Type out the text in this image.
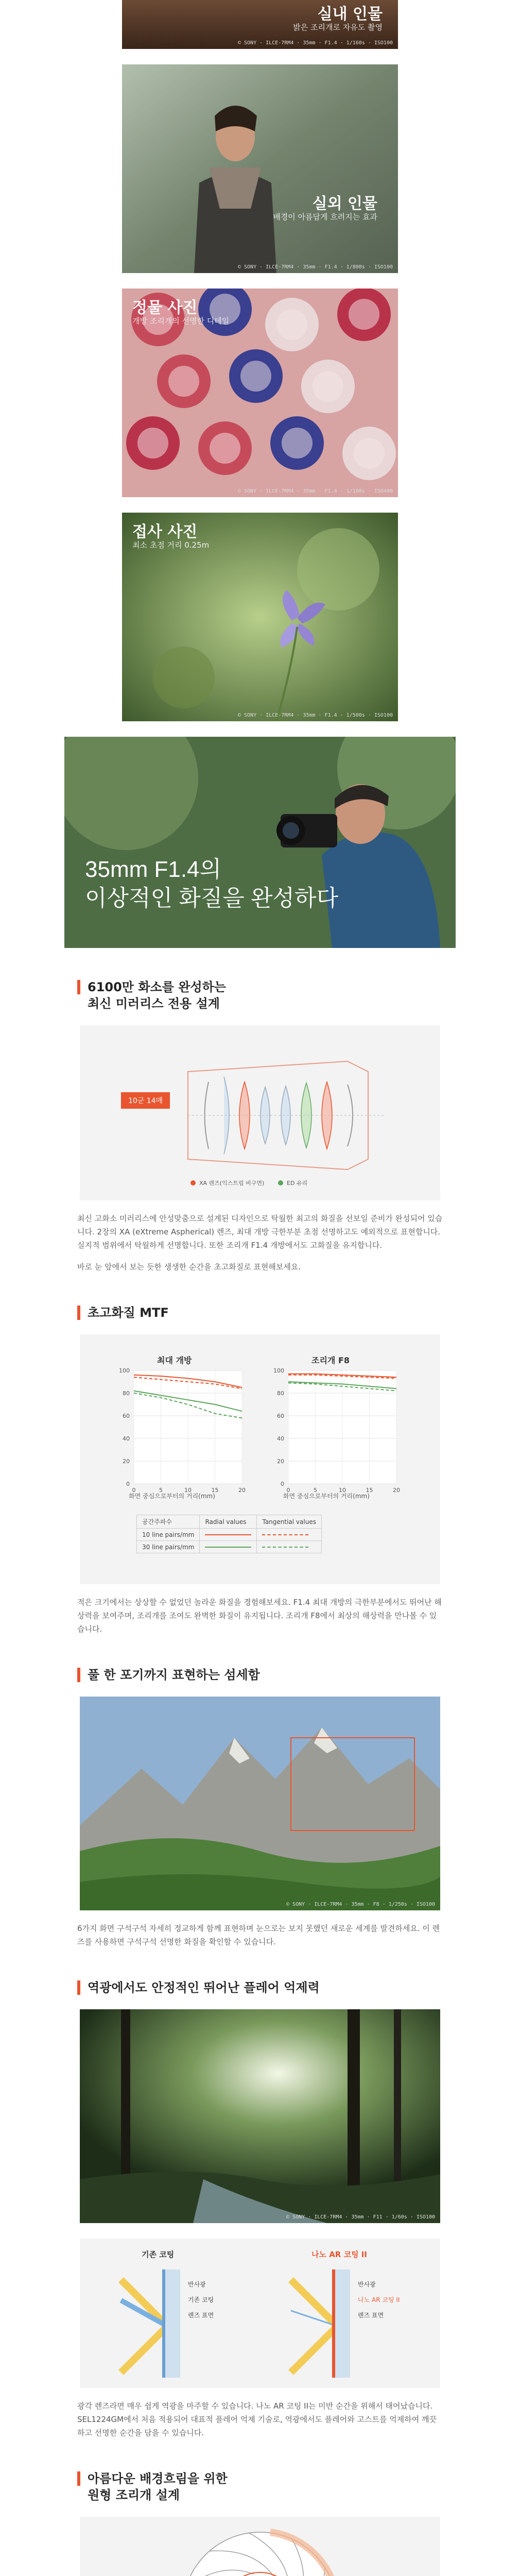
실내 인물
밝은 조리개로 자유도 촬영
© SONY · ILCE-7RM4 · 35mm · F1.4 · 1/160s · ISO100
실외 인물
배경이 아름답게 흐려지는 효과
© SONY · ILCE-7RM4 · 35mm · F1.4 · 1/800s · ISO100
정물 사진
개방 조리개의 선명한 디테일
© SONY · ILCE-7RM4 · 35mm · F1.4 · 1/100s · ISO400
접사 사진
최소 초점 거리 0.25m
© SONY · ILCE-7RM4 · 35mm · F1.4 · 1/500s · ISO100
35mm F1.4의
이상적인 화질을 완성하다
6100만 화소를 완성하는
최신 미러리스 전용 설계
10군 14매
XA 렌즈(익스트림 비구면)	ED 유리

최신 고화소 미러리스에 안성맞춤으로 설계된 디자인으로 탁월한 최고의 화질을 선보일 준비가 완성되어 있습니다. 2장의 XA (eXtreme Aspherical) 렌즈, 최대 개방 극한부분 초점 선명하고도 예외적으로 표현합니다. 실지적 범위에서 탁월하게 선명합니다. 또한 조리개 F1.4 개방에서도 고화질을 유지합니다.

바로 눈 앞에서 보는 듯한 생생한 순간을 초고화질로 표현해보세요.

초고화질 MTF
최대 개방	조리개 F8
0
20
40
60
80
100
0	5	10	15	20
0
20
40
60
80
100
0	5	10	15	20
화면 중심으로부터의 거리(mm)	화면 중심으로부터의 거리(mm)
공간주파수	Radial values	Tangential values
10 line pairs/mm	

30 line pairs/mm	

적은 크기에서는 상상할 수 없었던 놀라운 화질을 경험해보세요. F1.4 최대 개방의 극한부분에서도 뛰어난 해상력을 보여주며, 조리개를 조여도 완벽한 화질이 유지됩니다. 조리개 F8에서 최상의 해상력을 만나볼 수 있습니다.

풀 한 포기까지 표현하는 섬세함
© SONY · ILCE-7RM4 · 35mm · F8 · 1/250s · ISO100

6가지 화면 구석구석 자세히 정교하게 함께 표현하며 눈으로는 보지 못했던 새로운 세계를 발견하세요. 이 렌즈를 사용하면 구석구석 선명한 화질을 확인할 수 있습니다.

역광에서도 안정적인 뛰어난 플레어 억제력
© SONY · ILCE-7RM4 · 35mm · F11 · 1/60s · ISO100
기존 코팅	나노 AR 코팅 II
반사광
기존 코팅
렌즈 표면
반사광
나노 AR 코팅 II
렌즈 표면

광각 렌즈라면 매우 쉽게 역광을 마주할 수 있습니다. 나노 AR 코팅 II는 미반 순간을 위해서 태어났습니다. SEL1224GM에서 처음 적용되어 대표적 플레어 억제 기술로, 역광에서도 플레어와 고스트를 억제하여 깨끗하고 선명한 순간을 담을 수 있습니다.

아름다운 배경흐림을 위한
원형 조리개 설계
